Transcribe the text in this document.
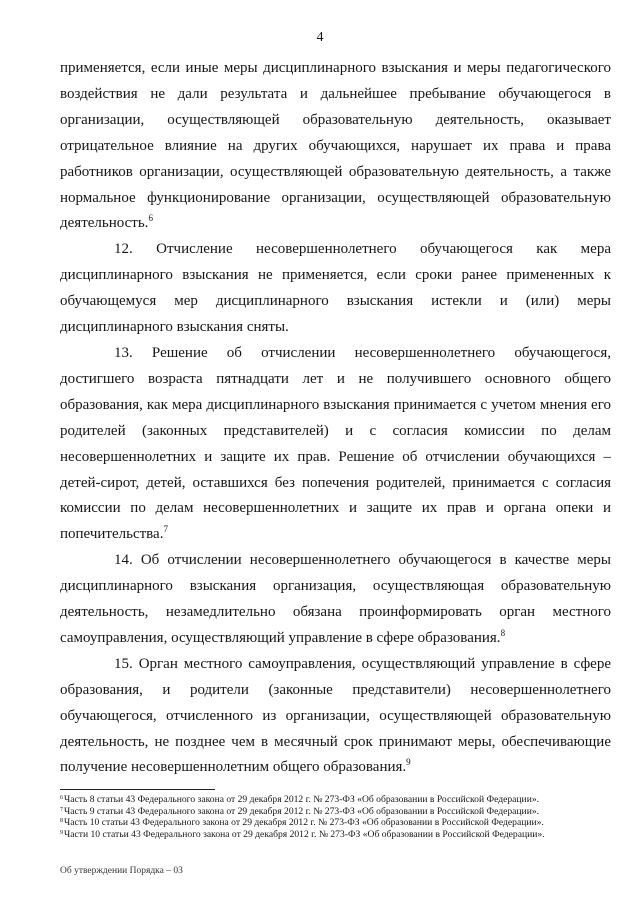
4

применяется, если иные меры дисциплинарного взыскания и меры педагогического воздействия не дали результата и дальнейшее пребывание обучающегося в организации, осуществляющей образовательную деятельность, оказывает отрицательное влияние на других обучающихся, нарушает их права и права работников организации, осуществляющей образовательную деятельность, а также нормальное функционирование организации, осуществляющей образовательную деятельность.$^6$

12. Отчисление несовершеннолетнего обучающегося как мера дисциплинарного взыскания не применяется, если сроки ранее примененных к обучающемуся мер дисциплинарного взыскания истекли и (или) меры дисциплинарного взыскания сняты.

13. Решение об отчислении несовершеннолетнего обучающегося, достигшего возраста пятнадцати лет и не получившего основного общего образования, как мера дисциплинарного взыскания принимается с учетом мнения его родителей (законных представителей) и с согласия комиссии по делам несовершеннолетних и защите их прав. Решение об отчислении обучающихся – детей-сирот, детей, оставшихся без попечения родителей, принимается с согласия комиссии по делам несовершеннолетних и защите их прав и органа опеки и попечительства.$^7$

14. Об отчислении несовершеннолетнего обучающегося в качестве меры дисциплинарного взыскания организация, осуществляющая образовательную деятельность, незамедлительно обязана проинформировать орган местного самоуправления, осуществляющий управление в сфере образования.$^8$

15. Орган местного самоуправления, осуществляющий управление в сфере образования, и родители (законные представители) несовершеннолетнего обучающегося, отчисленного из организации, осуществляющей образовательную деятельность, не позднее чем в месячный срок принимают меры, обеспечивающие получение несовершеннолетним общего образования.$^9$

$^6$Часть 8 статьи 43 Федерального закона от 29 декабря 2012 г. № 273-ФЗ «Об образовании в Российской Федерации».
$^7$Часть 9 статьи 43 Федерального закона от 29 декабря 2012 г. № 273-ФЗ «Об образовании в Российской Федерации».
$^8$Часть 10 статьи 43 Федерального закона от 29 декабря 2012 г. № 273-ФЗ «Об образовании в Российской Федерации».
$^9$Части 10 статьи 43 Федерального закона от 29 декабря 2012 г. № 273-ФЗ «Об образовании в Российской Федерации».
Об утверждении Порядка – 03
